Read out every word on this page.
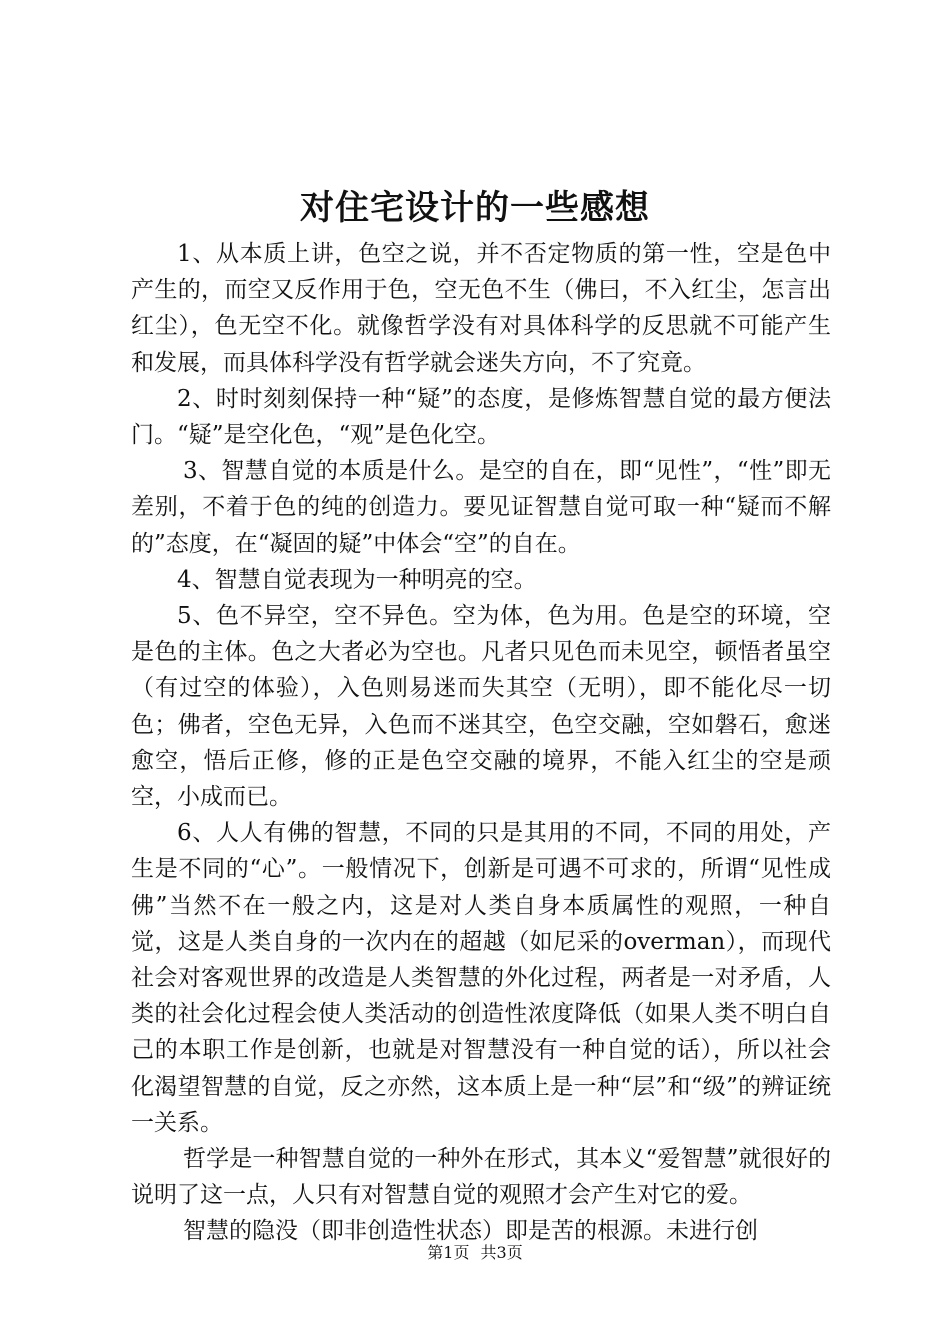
对住宅设计的一些感想

1、从本质上讲，色空之说，并不否定物质的第一性，空是色中产生的，而空又反作用于色，空无色不生（佛曰，不入红尘，怎言出红尘），色无空不化。就像哲学没有对具体科学的反思就不可能产生和发展，而具体科学没有哲学就会迷失方向，不了究竟。

2、时时刻刻保持一种“疑”的态度，是修炼智慧自觉的最方便法门。“疑”是空化色，“观”是色化空。

3、智慧自觉的本质是什么。是空的自在，即“见性”，“性”即无差别，不着于色的纯的创造力。要见证智慧自觉可取一种“疑而不解的”态度，在“凝固的疑”中体会“空”的自在。

4、智慧自觉表现为一种明亮的空。

5、色不异空，空不异色。空为体，色为用。色是空的环境，空是色的主体。色之大者必为空也。凡者只见色而未见空，顿悟者虽空（有过空的体验），入色则易迷而失其空（无明），即不能化尽一切色；佛者，空色无异，入色而不迷其空，色空交融，空如磐石，愈迷愈空，悟后正修，修的正是色空交融的境界，不能入红尘的空是顽空，小成而已。

6、人人有佛的智慧，不同的只是其用的不同，不同的用处，产生是不同的“心”。一般情况下，创新是可遇不可求的，所谓“见性成佛”当然不在一般之内，这是对人类自身本质属性的观照，一种自觉，这是人类自身的一次内在的超越（如尼采的overman），而现代社会对客观世界的改造是人类智慧的外化过程，两者是一对矛盾，人类的社会化过程会使人类活动的创造性浓度降低（如果人类不明白自己的本职工作是创新，也就是对智慧没有一种自觉的话），所以社会化渴望智慧的自觉，反之亦然，这本质上是一种“层”和“级”的辨证统一关系。

哲学是一种智慧自觉的一种外在形式，其本义“爱智慧”就很好的说明了这一点，人只有对智慧自觉的观照才会产生对它的爱。

智慧的隐没（即非创造性状态）即是苦的根源。未进行创

第1页 共3页
